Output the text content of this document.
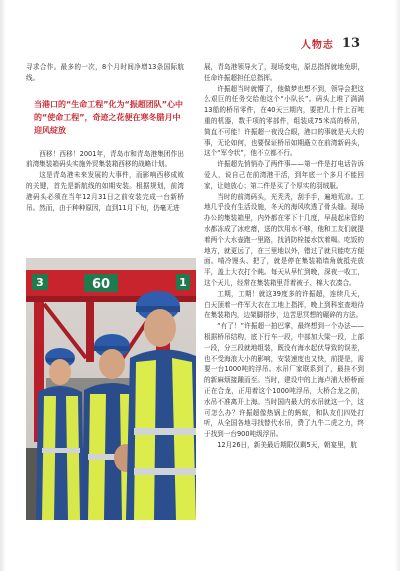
人物志 13

寻求合作。最多的一次，8个月时间净增13条国际航线。

当港口的“生命工程”化为“振超团队”心中的“使命工程”，奇迹之花便在寒冬腊月中迎风绽放

西移！西移！2001年，青岛市和青岛港集团作出前湾集装箱码头实施外贸集装箱西移的战略计划。

这是青岛港未来发展的大事件，而影响西移成败的关键，首先是新航线的如期安装。根据规划，前湾港码头必须在当年12月31日之前安装完成一台新桥吊。然而，由于种种原因，直到11月下旬，仍毫无进

3	60	1

展，青岛港领导火了，现场变电，原总指挥就地免职，任命许振超担任总指挥。

许振超当时就懵了，他做梦也想不到，领导会把这么艰巨的任务交给他这个“小队长”。码头上堆了满满13船的桥吊零件，在40天三期内，要把几十件上百吨重的机器，数千项的零部件，组装成75米高的桥吊，简直不可能！许振超一夜没合眼，港口的事就是天大的事，无论如何，也要保证桥吊如期矗立在前湾新码头，这个“军令状”，他不立都不行。

许振超先悄悄办了两件事——第一件是打电话告诉爱人，说自己在前湾港干活，到年底一个多月不能回家，让她放心；第二件是买了个厚实的羽绒服。

当时的前湾码头，光秃秃，刮手手，遍地荒凉。工地几乎没有生活设施，冬天的海风吹透了骨头缝。现场办公的集装箱里，内外都在零下十几度，早晨起床管的水都冻成了冰疙瘩，送的饮用水不够，他和工友们就提着两个大水壶跑一里路，找消防栓接水饮着喝。吃饭的地方，就更远了，在三里地以外，错过了就只能吃方便面。啃冷馒头、把了，就是停在集装箱墙角就抵壳放平，盖上大衣打个盹。每天从早忙到晚，深夜一收工，这个天儿，经常在集装箱里背着被子、棉大衣凑合。

工期，工期！就这39度多的许振超，连续几天，白天顶着一件军大衣在工地上指挥，晚上到科室查地待在集装箱内，边架脚搭步，边苦思冥想的碾碎的方法。

“有了！”许振超一拍巴掌，最终想到一个办法——根据桥吊结构，底下行车一段，中部加大梁一段，上部一段，分三段就地组装，既没有海水起伏导致的误差，也不受海浪大小的影响，安装速度也又快，前提是，需要一台1000吨的浮吊。水吊厂家联系到了，最挂不到的新麻烦接踵而至。当时，建设中的上海卢浦大桥桥面正在合龙，正用着这个1000吨浮吊，大桥合龙之前，水吊不准离开上海。当时国内最大的水吊就这一个，这可怎么办？许振超像热锅上的蚂蚁，和队友们四处打听，从全国各地寻找替代水吊，费了九牛二虎之力，终于找到一台900吨级浮吊。

12月26日，新美最后期限仅剩5天，朝宴里，航
